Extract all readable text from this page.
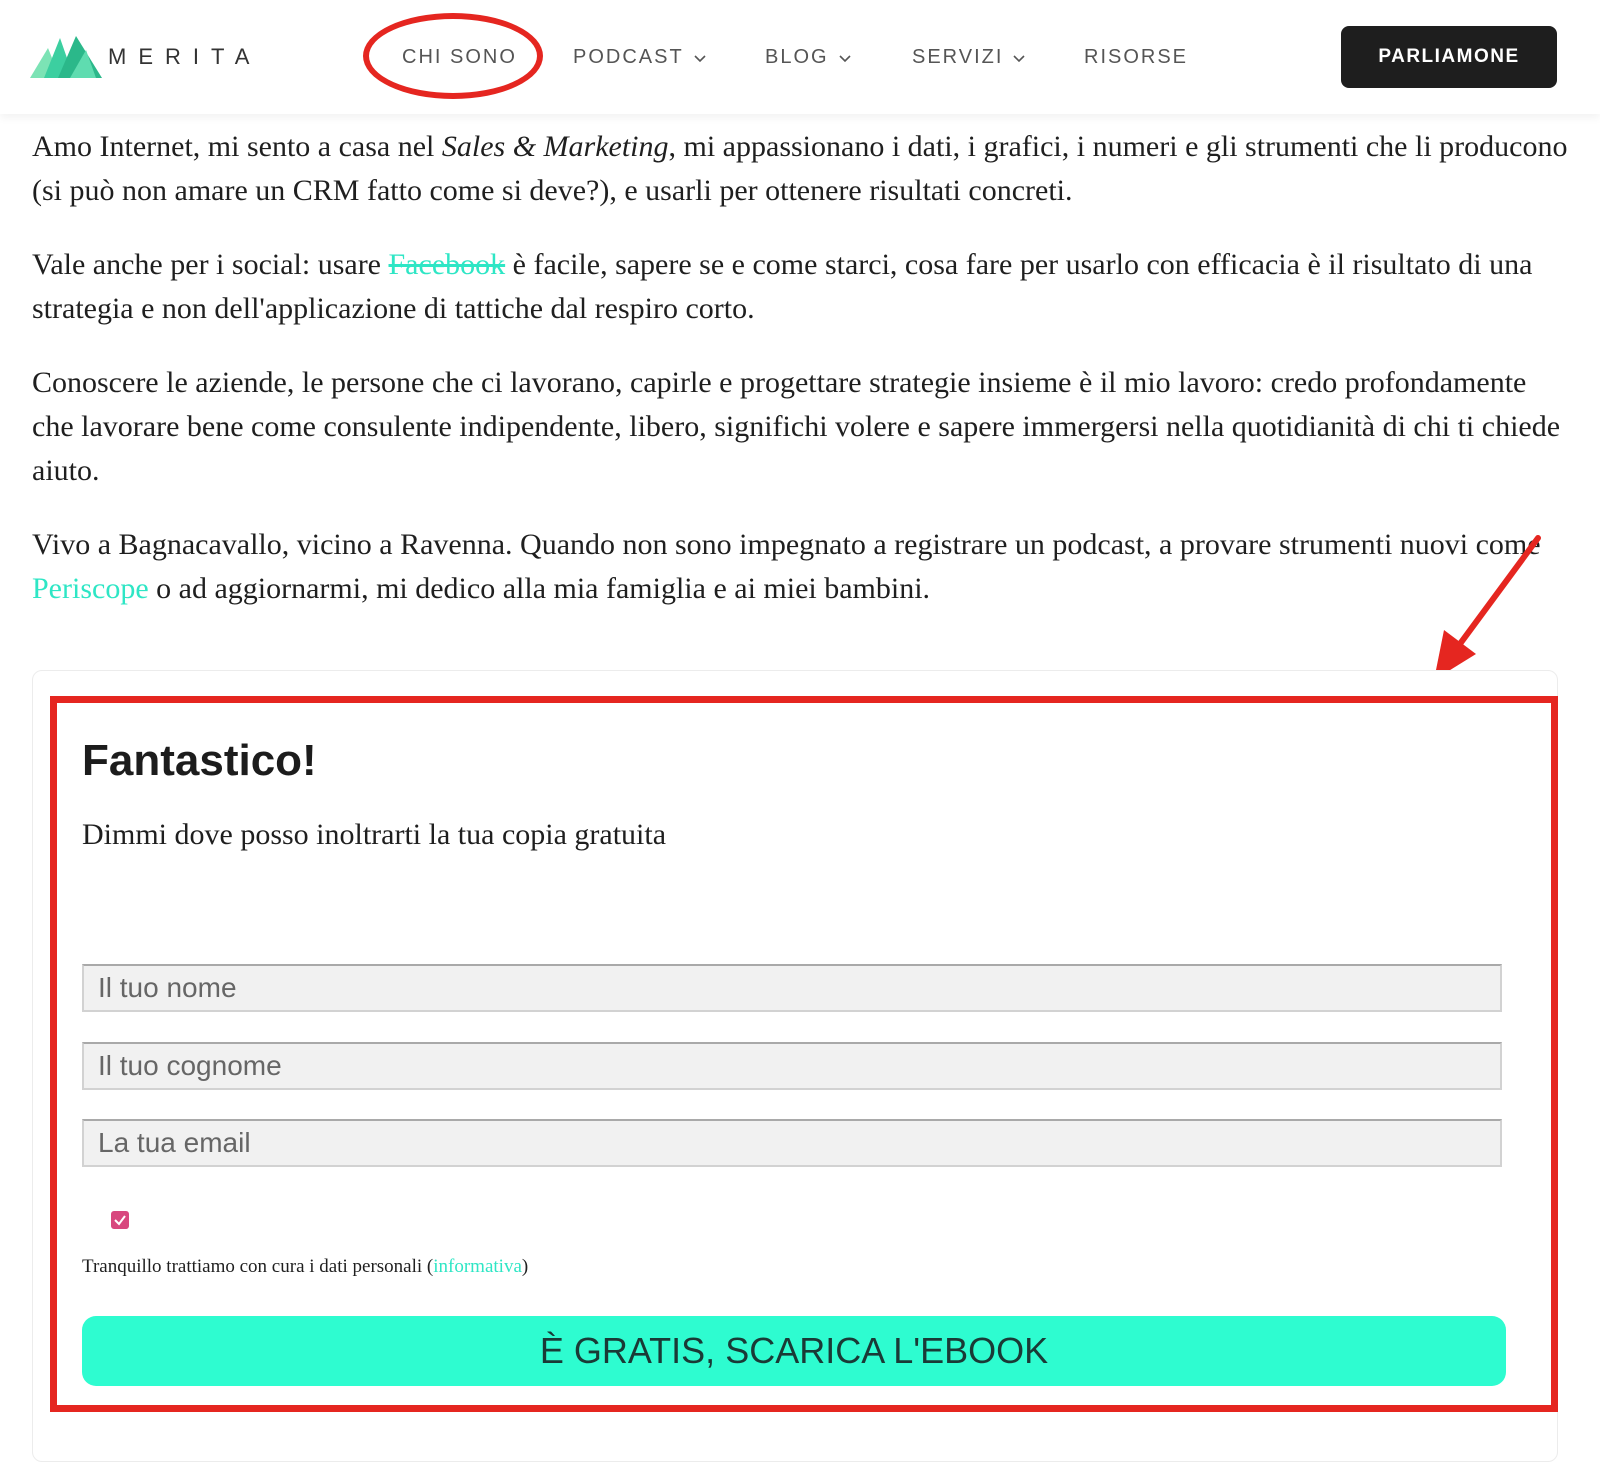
MERITA	CHI SONO	PODCAST	BLOG	SERVIZI	RISORSE	PARLIAMONE

Amo Internet, mi sento a casa nel Sales & Marketing, mi appassionano i dati, i grafici, i numeri e gli strumenti che li producono (si può non amare un CRM fatto come si deve?), e usarli per ottenere risultati concreti.

Vale anche per i social: usare Facebook è facile, sapere se e come starci, cosa fare per usarlo con efficacia è il risultato di una strategia e non dell'applicazione di tattiche dal respiro corto.

Conoscere le aziende, le persone che ci lavorano, capirle e progettare strategie insieme è il mio lavoro: credo profondamente che lavorare bene come consulente indipendente, libero, significhi volere e sapere immergersi nella quotidianità di chi ti chiede aiuto.

Vivo a Bagnacavallo, vicino a Ravenna. Quando non sono impegnato a registrare un podcast, a provare strumenti nuovi come Periscope o ad aggiornarmi, mi dedico alla mia famiglia e ai miei bambini.

Fantastico!

Dimmi dove posso inoltrarti la tua copia gratuita

Il tuo nome
Il tuo cognome
La tua email

Tranquillo trattiamo con cura i dati personali (informativa)

È GRATIS, SCARICA L'EBOOK
